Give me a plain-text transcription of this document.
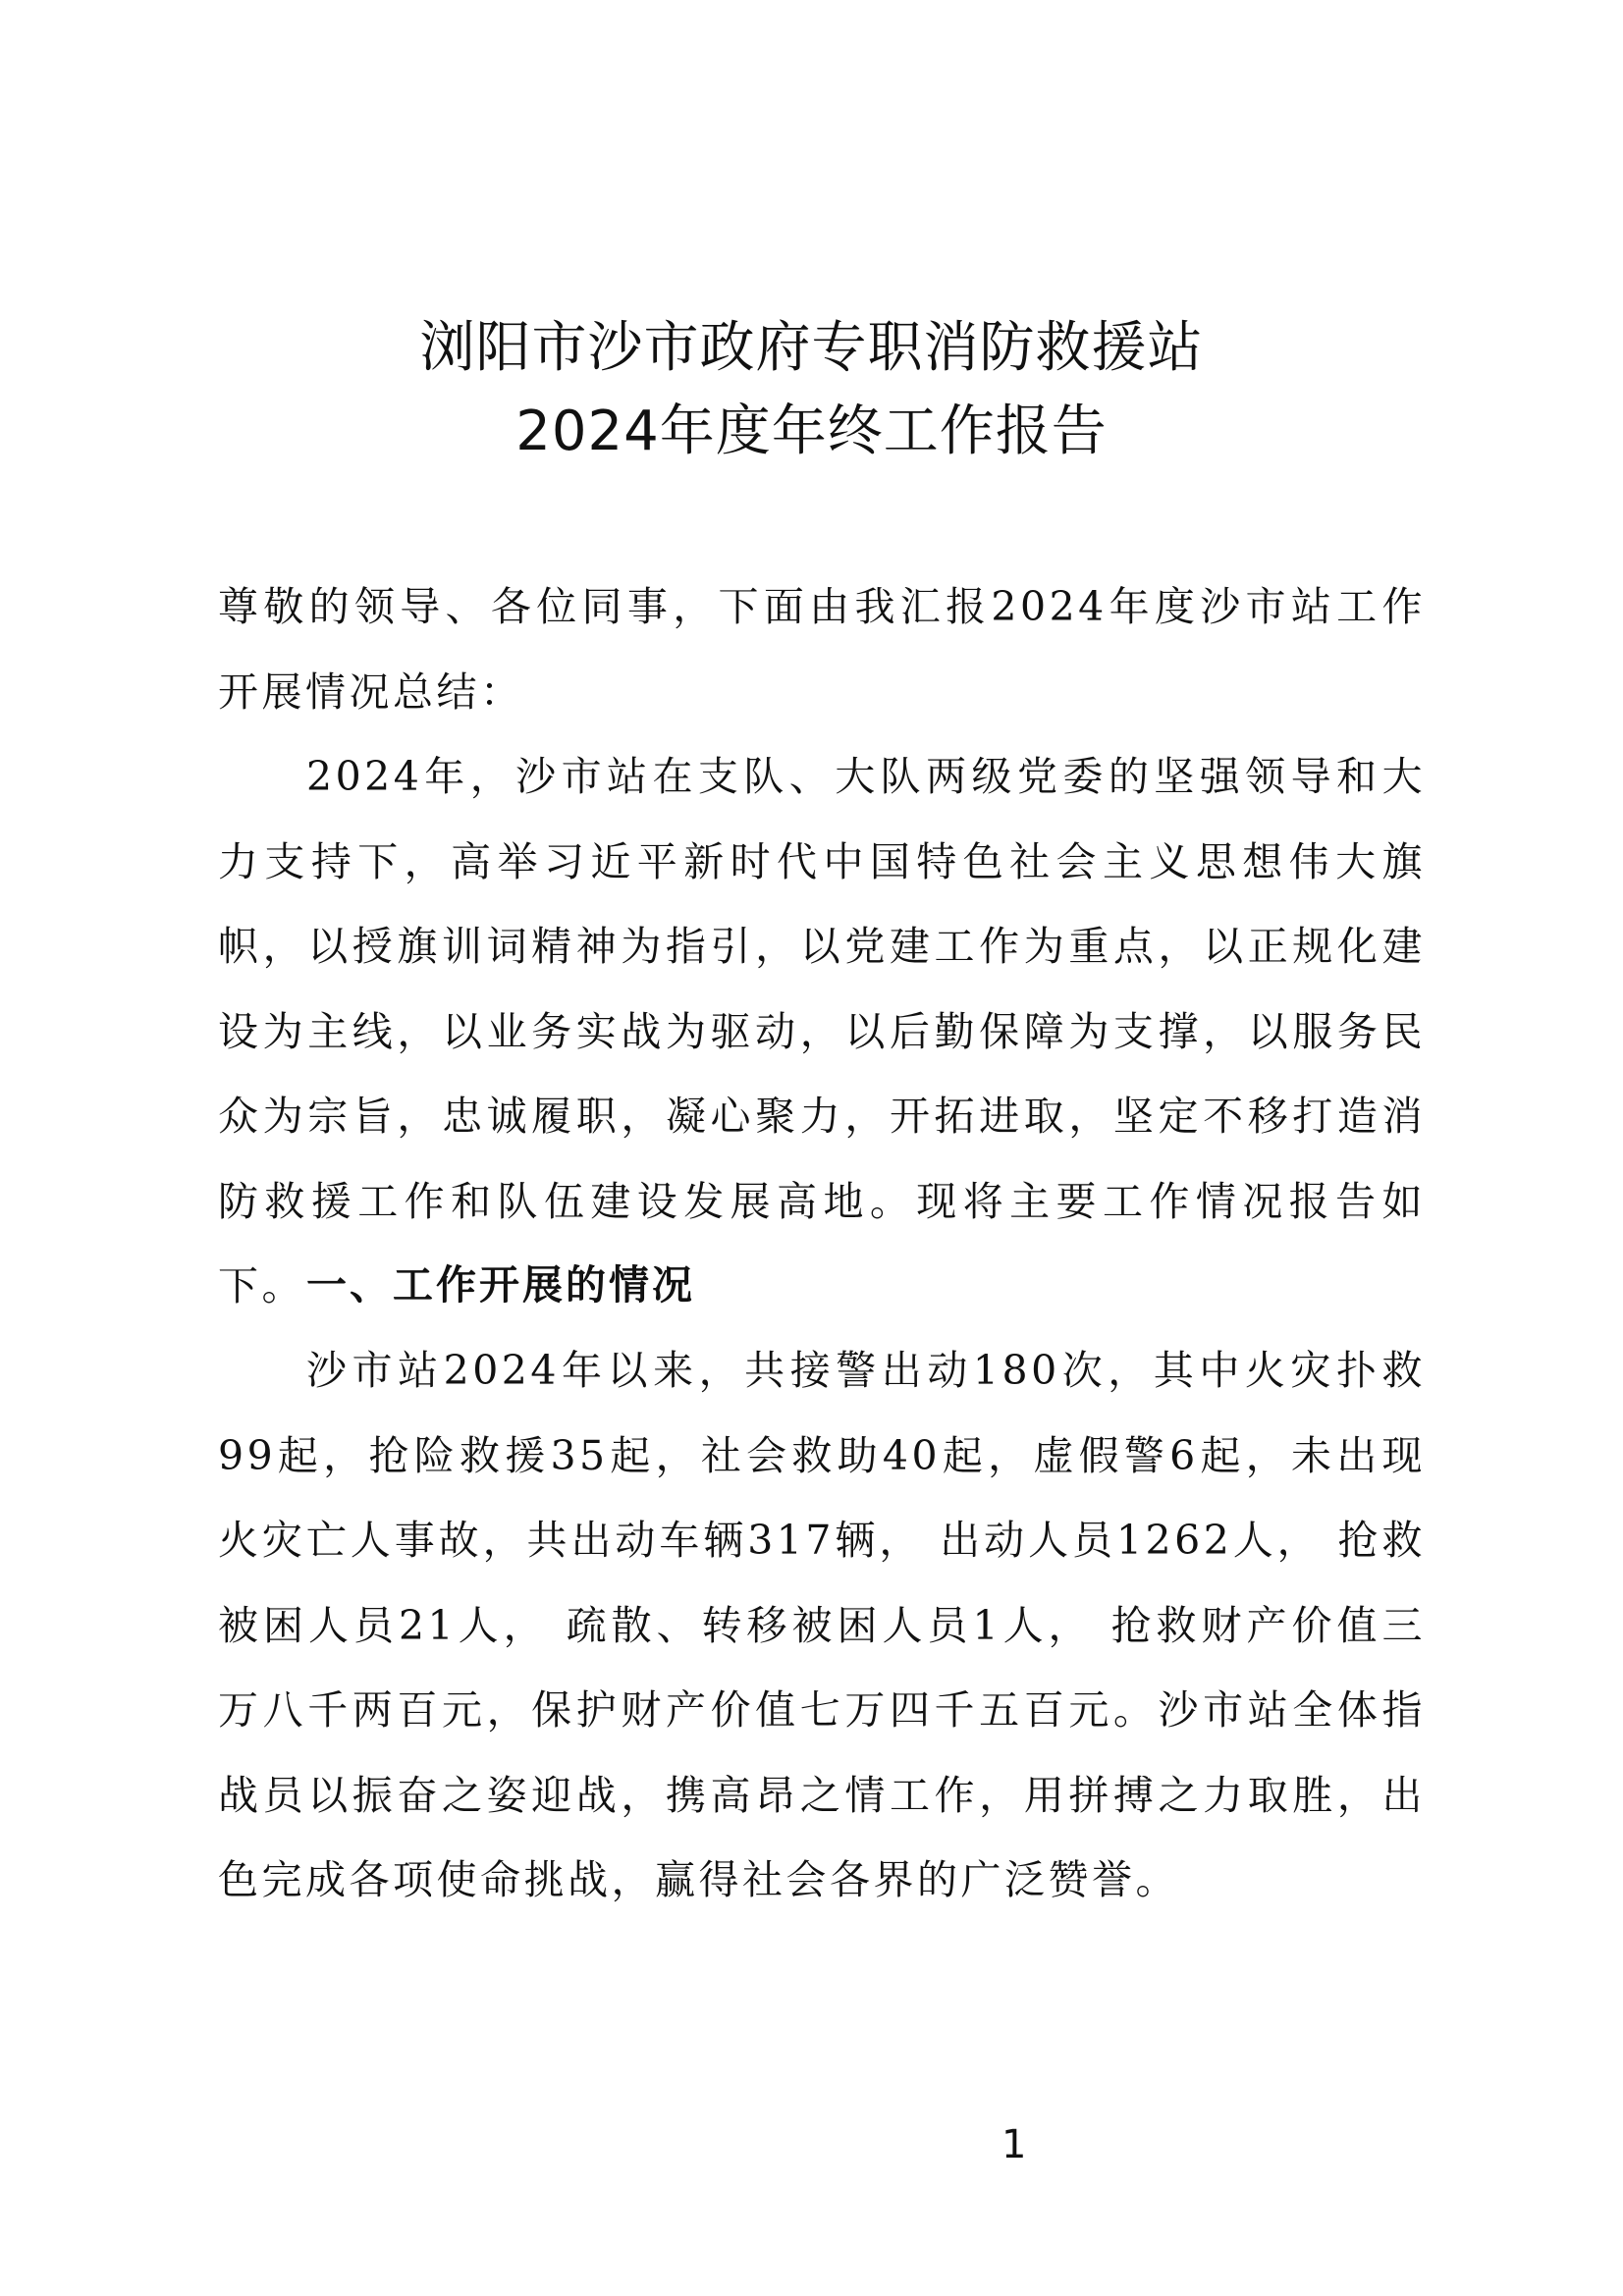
浏阳市沙市政府专职消防救援站
2024年度年终工作报告

尊敬的领导、各位同事，下面由我汇报2024年度沙市站工作开展情况总结：

2024年，沙市站在支队、大队两级党委的坚强领导和大力支持下，高举习近平新时代中国特色社会主义思想伟大旗帜，以授旗训词精神为指引，以党建工作为重点，以正规化建设为主线，以业务实战为驱动，以后勤保障为支撑，以服务民众为宗旨，忠诚履职，凝心聚力，开拓进取，坚定不移打造消防救援工作和队伍建设发展高地。现将主要工作情况报告如下。 一、工作开展的情况

沙市站2024年以来，共接警出动180次，其中火灾扑救99起，抢险救援35起，社会救助40起，虚假警6起，未出现火灾亡人事故，共出动车辆317辆， 出动人员1262人， 抢救被困人员21人， 疏散、转移被困人员1人， 抢救财产价值三万八千两百元，保护财产价值七万四千五百元。沙市站全体指战员以振奋之姿迎战，携高昂之情工作，用拼搏之力取胜，出色完成各项使命挑战，赢得社会各界的广泛赞誉。

1
